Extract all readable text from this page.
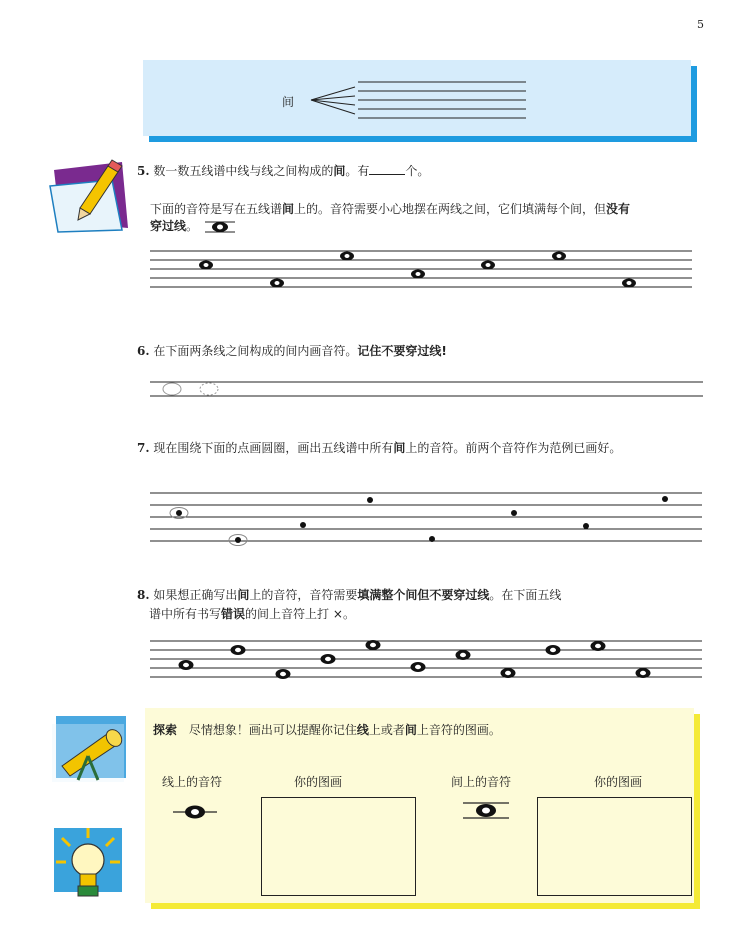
5
间
5. 数一数五线谱中线与线之间构成的间。有	个。
下面的音符是写在五线谱间上的。音符需要小心地摆在两线之间，它们填满每个间，但没有
穿过线。
6. 在下面两条线之间构成的间内画音符。记住不要穿过线!
7. 现在围绕下面的点画圆圈，画出五线谱中所有间上的音符。前两个音符作为范例已画好。
8. 如果想正确写出间上的音符，音符需要填满整个间但不要穿过线。在下面五线
谱中所有书写错误的间上音符上打 ×。
探索 尽情想象！画出可以提醒你记住线上或者间上音符的图画。
线上的音符	你的图画	间上的音符	你的图画
